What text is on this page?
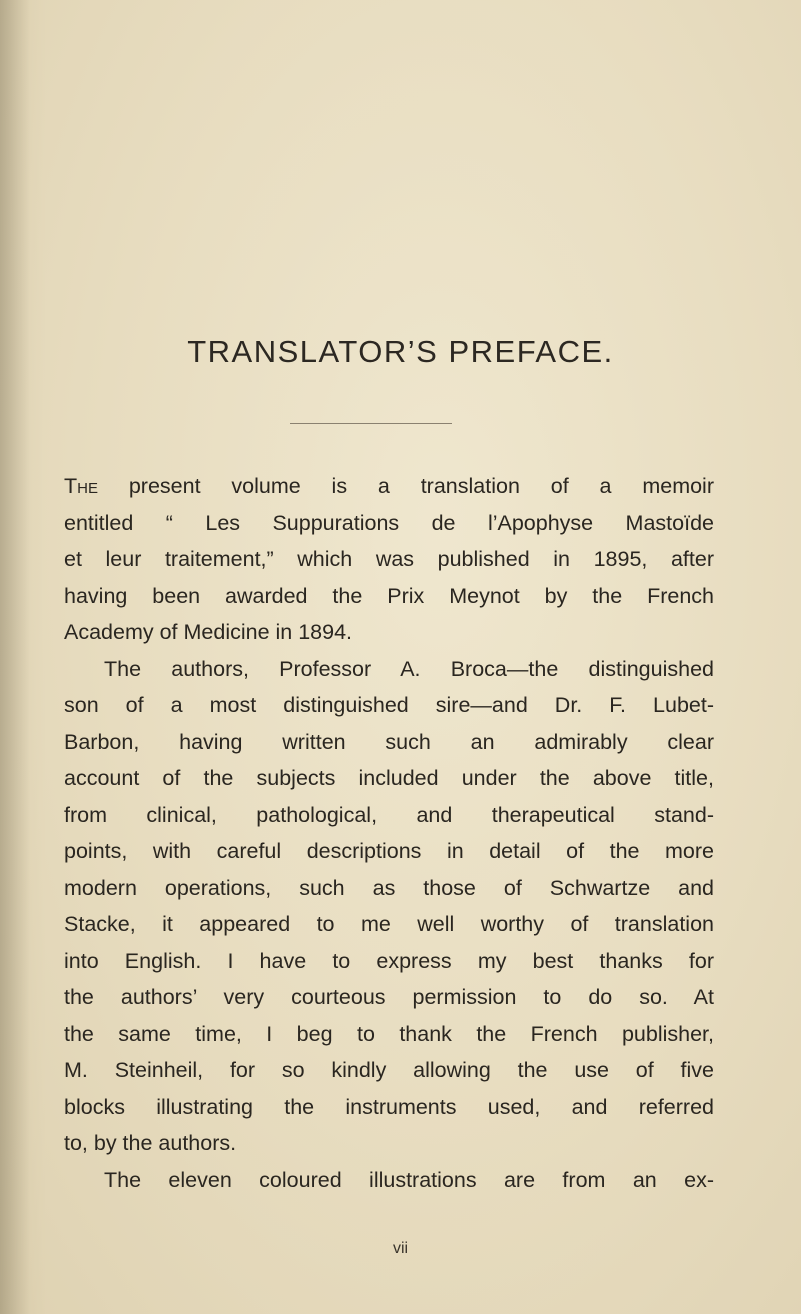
TRANSLATOR’S PREFACE.
The present volume is a translation of a memoir
entitled “ Les Suppurations de l’Apophyse Mastoïde
et leur traitement,” which was published in 1895, after
having been awarded the Prix Meynot by the French
Academy of Medicine in 1894.
The authors, Professor A. Broca—the distinguished
son of a most distinguished sire—and Dr. F. Lubet-
Barbon, having written such an admirably clear
account of the subjects included under the above title,
from clinical, pathological, and therapeutical stand-
points, with careful descriptions in detail of the more
modern operations, such as those of Schwartze and
Stacke, it appeared to me well worthy of translation
into English. I have to express my best thanks for
the authors’ very courteous permission to do so. At
the same time, I beg to thank the French publisher,
M. Steinheil, for so kindly allowing the use of five
blocks illustrating the instruments used, and referred
to, by the authors.
The eleven coloured illustrations are from an ex-
vii
